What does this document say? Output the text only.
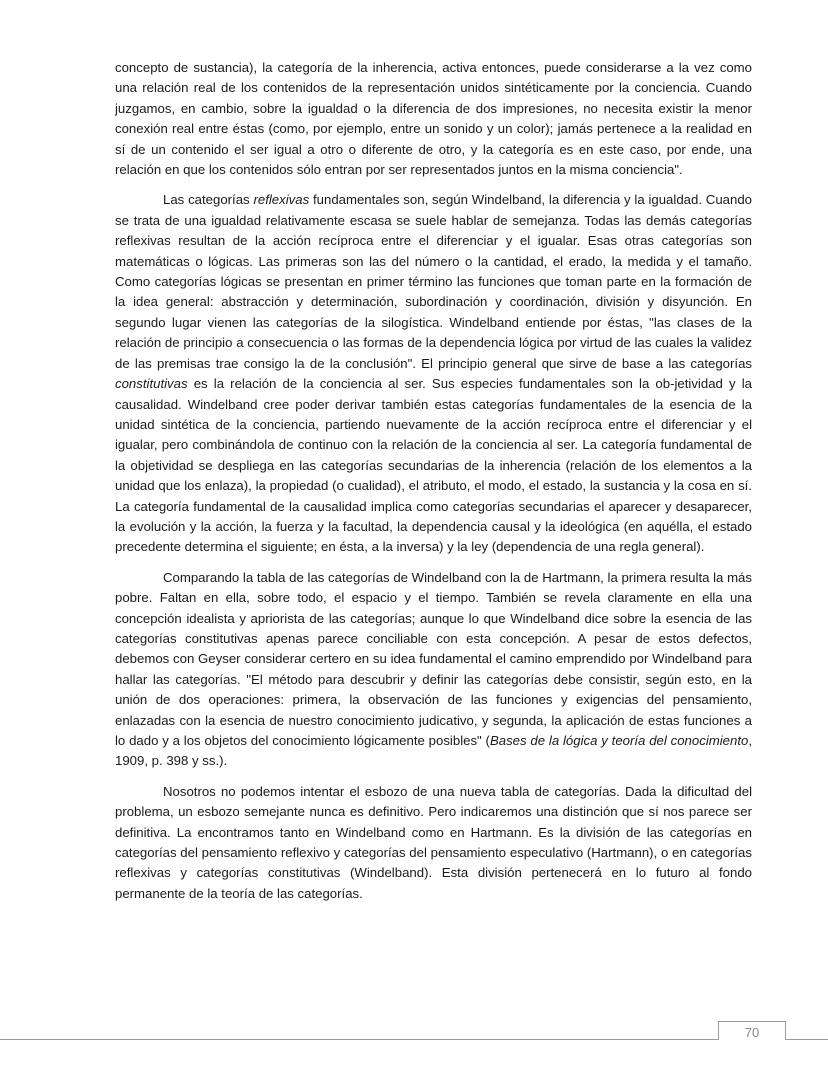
concepto de sustancia), la categoría de la inherencia, activa entonces, puede considerarse a la vez como una relación real de los contenidos de la representación unidos sintéticamente por la conciencia. Cuando juzgamos, en cambio, sobre la igualdad o la diferencia de dos impresiones, no necesita existir la menor conexión real entre éstas (como, por ejemplo, entre un sonido y un color); jamás pertenece a la realidad en sí de un contenido el ser igual a otro o diferente de otro, y la categoría es en este caso, por ende, una relación en que los contenidos sólo entran por ser representados juntos en la misma conciencia".

Las categorías reflexivas fundamentales son, según Windelband, la diferencia y la igualdad. Cuando se trata de una igualdad relativamente escasa se suele hablar de semejanza. Todas las demás categorías reflexivas resultan de la acción recíproca entre el diferenciar y el igualar. Esas otras categorías son matemáticas o lógicas. Las primeras son las del número o la cantidad, el erado, la medida y el tamaño. Como categorías lógicas se presentan en primer término las funciones que toman parte en la formación de la idea general: abstracción y determinación, subordinación y coordinación, división y disyunción. En segundo lugar vienen las categorías de la silogística. Windelband entiende por éstas, "las clases de la relación de principio a consecuencia o las formas de la dependencia lógica por virtud de las cuales la validez de las premisas trae consigo la de la conclusión". El principio general que sirve de base a las categorías constitutivas es la relación de la conciencia al ser. Sus especies fundamentales son la ob-jetividad y la causalidad. Windelband cree poder derivar también estas categorías fundamentales de la esencia de la unidad sintética de la conciencia, partiendo nuevamente de la acción recíproca entre el diferenciar y el igualar, pero combinándola de continuo con la relación de la conciencia al ser. La categoría fundamental de la objetividad se despliega en las categorías secundarias de la inherencia (relación de los elementos a la unidad que los enlaza), la propiedad (o cualidad), el atributo, el modo, el estado, la sustancia y la cosa en sí. La categoría fundamental de la causalidad implica como categorías secundarias el aparecer y desaparecer, la evolución y la acción, la fuerza y la facultad, la dependencia causal y la ideológica (en aquélla, el estado precedente determina el siguiente; en ésta, a la inversa) y la ley (dependencia de una regla general).

Comparando la tabla de las categorías de Windelband con la de Hartmann, la primera resulta la más pobre. Faltan en ella, sobre todo, el espacio y el tiempo. También se revela claramente en ella una concepción idealista y apriorista de las categorías; aunque lo que Windelband dice sobre la esencia de las categorías constitutivas apenas parece conciliable con esta concepción. A pesar de estos defectos, debemos con Geyser considerar certero en su idea fundamental el camino emprendido por Windelband para hallar las categorías. "El método para descubrir y definir las categorías debe consistir, según esto, en la unión de dos operaciones: primera, la observación de las funciones y exigencias del pensamiento, enlazadas con la esencia de nuestro conocimiento judicativo, y segunda, la aplicación de estas funciones a lo dado y a los objetos del conocimiento lógicamente posibles" (Bases de la lógica y teoría del conocimiento, 1909, p. 398 y ss.).

Nosotros no podemos intentar el esbozo de una nueva tabla de categorías. Dada la dificultad del problema, un esbozo semejante nunca es definitivo. Pero indicaremos una distinción que sí nos parece ser definitiva. La encontramos tanto en Windelband como en Hartmann. Es la división de las categorías en categorías del pensamiento reflexivo y categorías del pensamiento especulativo (Hartmann), o en categorías reflexivas y categorías constitutivas (Windelband). Esta división pertenecerá en lo futuro al fondo permanente de la teoría de las categorías.

70
